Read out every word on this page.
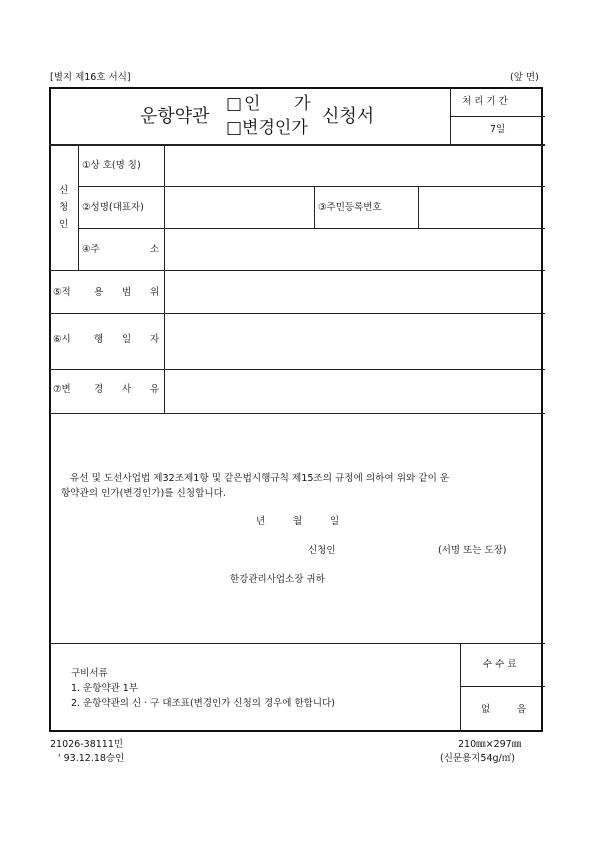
[별지 제16호 서식]	(앞 면)
운항약관
□ 인 가
□변경인가
신청서
처 리 기 간
7일
신
청
인
①상 호(명 칭)
②성명(대표자)	③주민등록번호
④주	소
⑤적 용 범 위
⑥시 행 일 자
⑦변 경 사 유
유선 및 도선사업법 제32조제1항 및 같은법시행규칙 제15조의 규정에 의하여 위와 같이 운
항약관의 인가(변경인가)를 신청합니다.
년	월	일
신청인	(서명 또는 도장)
한강관리사업소장 귀하
구비서류
1. 운항약관 1부
2. 운항약관의 신 · 구 대조표(변경인가 신청의 경우에 한합니다)
수 수 료
없	음
21026-38111민
' 93.12.18승인
210㎜×297㎜
(신문용지54g/㎡)
